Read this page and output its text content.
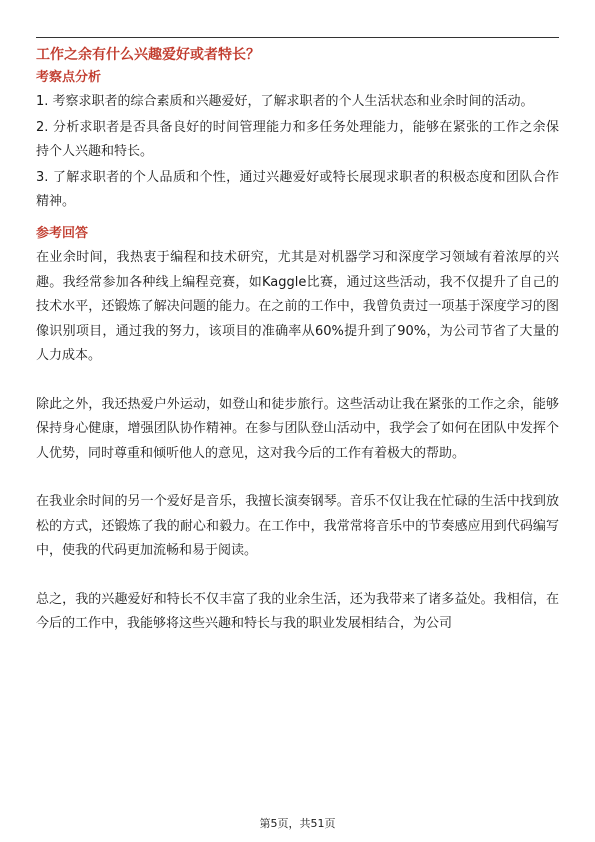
工作之余有什么兴趣爱好或者特长？
考察点分析

1. 考察求职者的综合素质和兴趣爱好，了解求职者的个人生活状态和业余时间的活动。

2. 分析求职者是否具备良好的时间管理能力和多任务处理能力，能够在紧张的工作之余保持个人兴趣和特长。

3. 了解求职者的个人品质和个性，通过兴趣爱好或特长展现求职者的积极态度和团队合作精神。

参考回答

在业余时间，我热衷于编程和技术研究，尤其是对机器学习和深度学习领域有着浓厚的兴趣。我经常参加各种线上编程竞赛，如Kaggle比赛，通过这些活动，我不仅提升了自己的技术水平，还锻炼了解决问题的能力。在之前的工作中，我曾负责过一项基于深度学习的图像识别项目，通过我的努力，该项目的准确率从60%提升到了90%，为公司节省了大量的人力成本。

除此之外，我还热爱户外运动，如登山和徒步旅行。这些活动让我在紧张的工作之余，能够保持身心健康，增强团队协作精神。在参与团队登山活动中，我学会了如何在团队中发挥个人优势，同时尊重和倾听他人的意见，这对我今后的工作有着极大的帮助。

在我业余时间的另一个爱好是音乐，我擅长演奏钢琴。音乐不仅让我在忙碌的生活中找到放松的方式，还锻炼了我的耐心和毅力。在工作中，我常常将音乐中的节奏感应用到代码编写中，使我的代码更加流畅和易于阅读。

总之，我的兴趣爱好和特长不仅丰富了我的业余生活，还为我带来了诸多益处。我相信，在今后的工作中，我能够将这些兴趣和特长与我的职业发展相结合，为公司

第5页，共51页
